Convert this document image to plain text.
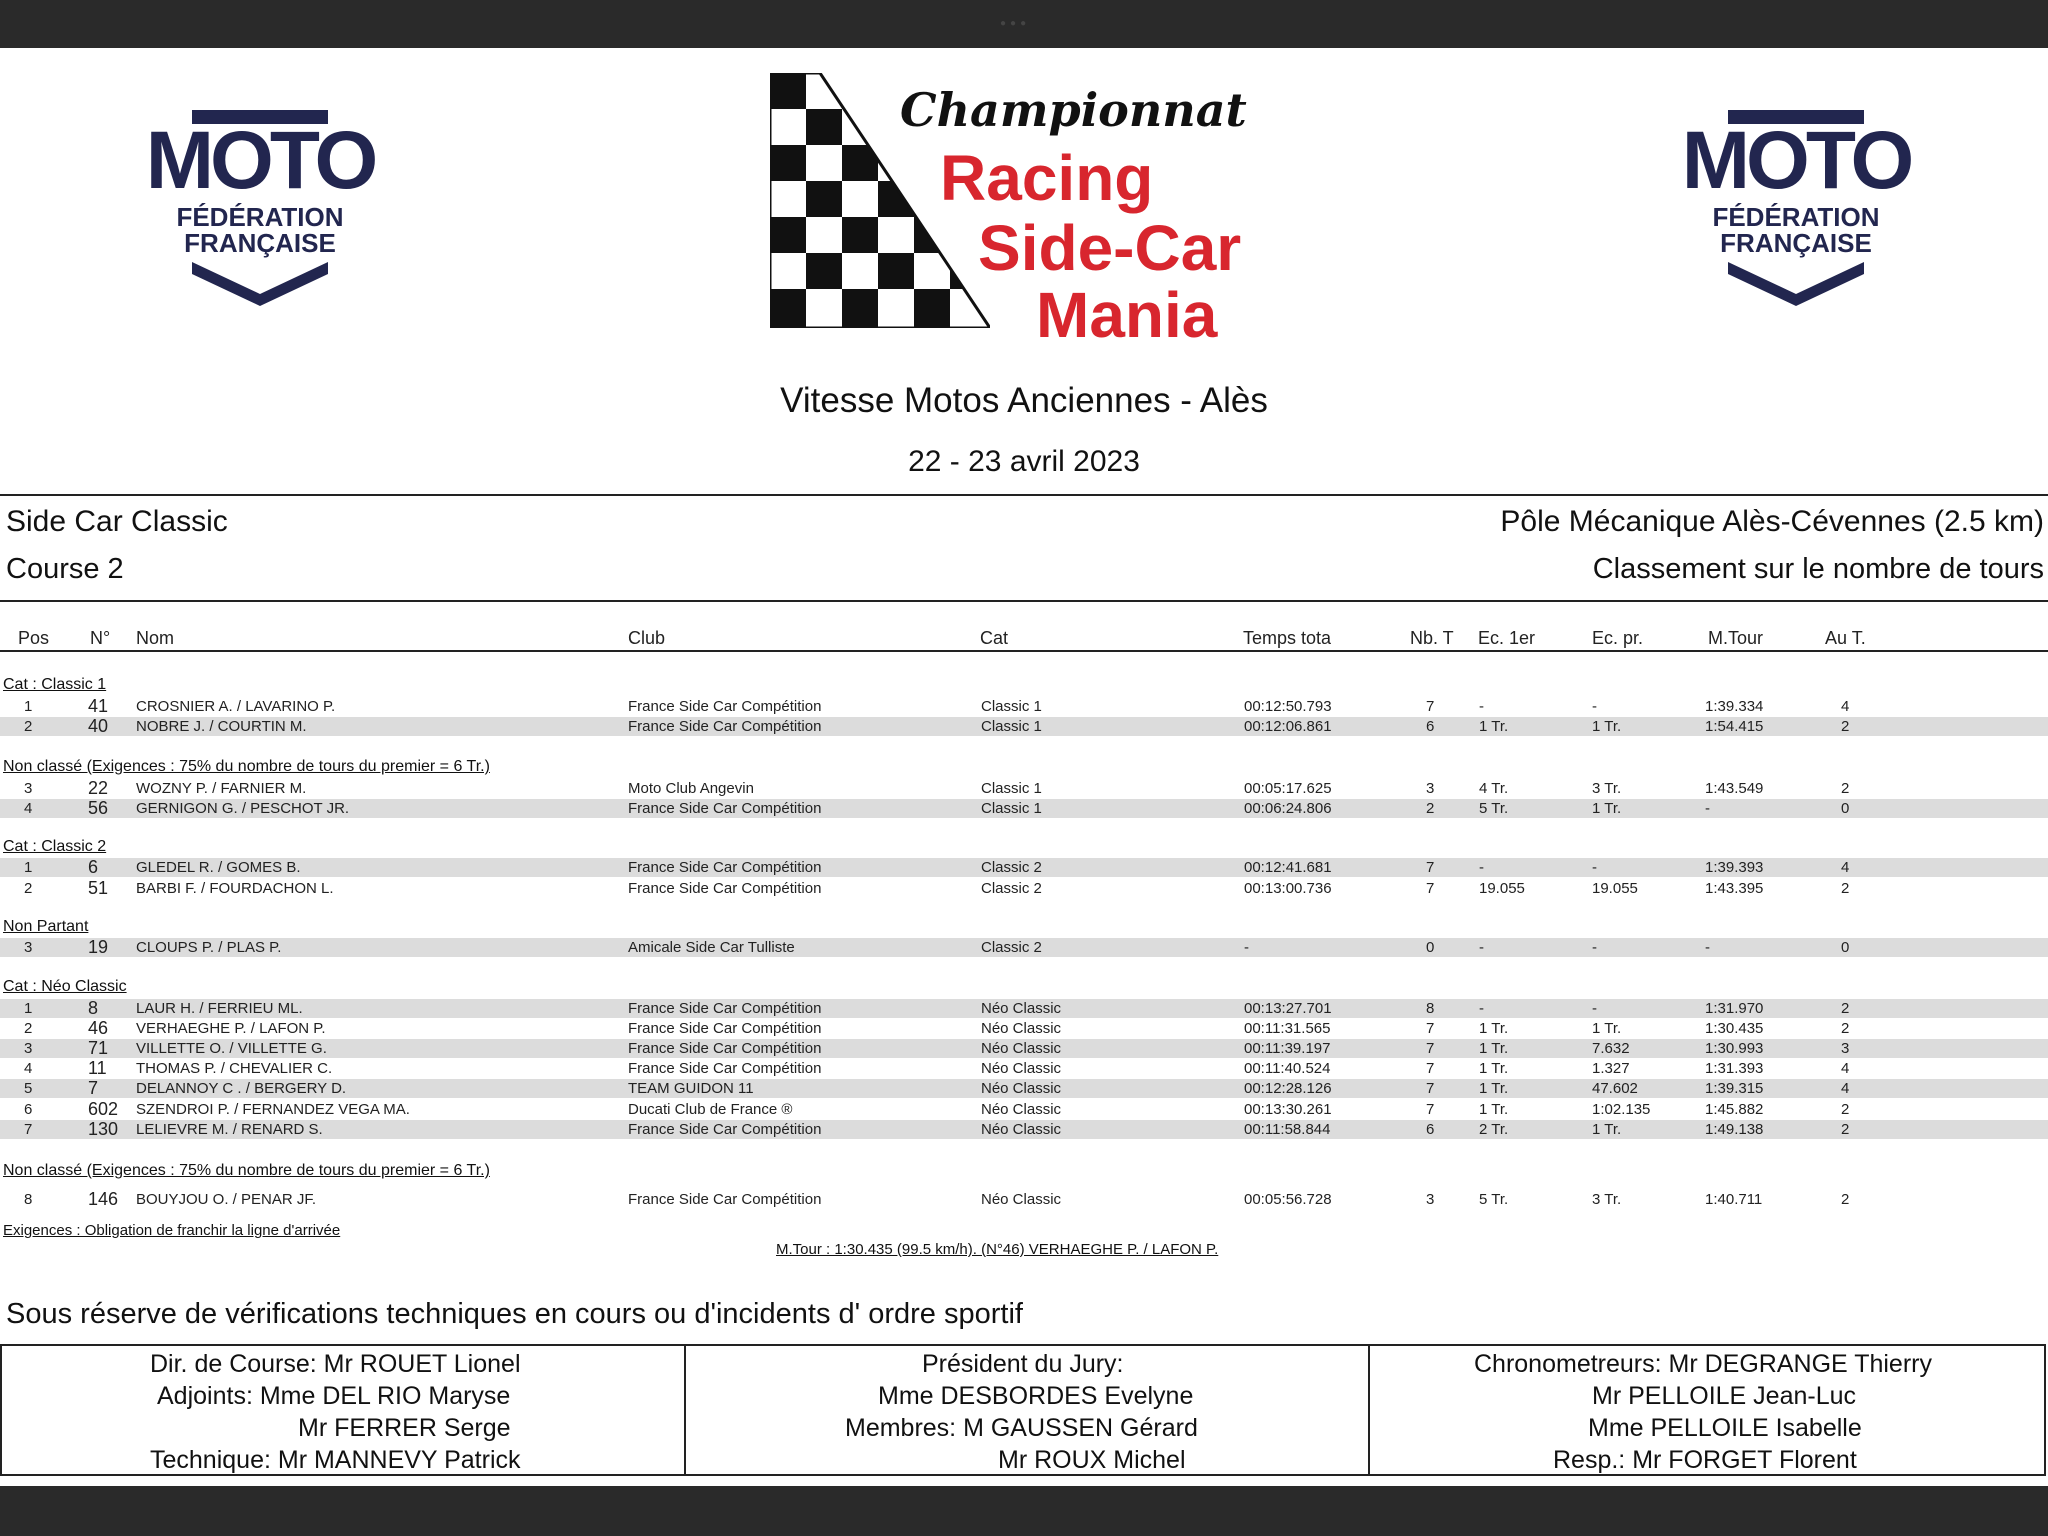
●●●
MOTO
FÉDÉRATION
FRANÇAISE
MOTO
FÉDÉRATION
FRANÇAISE
Championnat
Racing
Side-Car
Mania
Vitesse Motos Anciennes - Alès
22 - 23 avril 2023
Side Car Classic	Pôle Mécanique Alès-Cévennes (2.5 km)
Course 2	Classement sur le nombre de tours
Pos N° Nom	Club	Cat	Temps tota	Nb. T Ec. 1er	Ec. pr.	M.Tour	Au T.
Cat : Classic 1
Non classé (Exigences : 75% du nombre de tours du premier = 6 Tr.)
Cat : Classic 2
Non Partant
Cat : Néo Classic
Non classé (Exigences : 75% du nombre de tours du premier = 6 Tr.)
1	41 CROSNIER A. / LAVARINO P.	France Side Car Compétition	Classic 1	00:12:50.793	7	-	-	1:39.334	4
2	40 NOBRE J. / COURTIN M.	France Side Car Compétition	Classic 1	00:12:06.861	6	1 Tr.	1 Tr.	1:54.415	2
3	22 WOZNY P. / FARNIER M.	Moto Club Angevin	Classic 1	00:05:17.625	3	4 Tr.	3 Tr.	1:43.549	2
4	56 GERNIGON G. / PESCHOT JR.	France Side Car Compétition	Classic 1	00:06:24.806	2	5 Tr.	1 Tr.	-	0
1	6	GLEDEL R. / GOMES B.	France Side Car Compétition	Classic 2	00:12:41.681	7	-	-	1:39.393	4
2	51 BARBI F. / FOURDACHON L.	France Side Car Compétition	Classic 2	00:13:00.736	7	19.055	19.055	1:43.395	2
3	19 CLOUPS P. / PLAS P.	Amicale Side Car Tulliste	Classic 2	-	0	-	-	-	0
1	8	LAUR H. / FERRIEU ML.	France Side Car Compétition	Néo Classic	00:13:27.701	8	-	-	1:31.970	2
2	46 VERHAEGHE P. / LAFON P.	France Side Car Compétition	Néo Classic	00:11:31.565	7	1 Tr.	1 Tr.	1:30.435	2
3	71 VILLETTE O. / VILLETTE G.	France Side Car Compétition	Néo Classic	00:11:39.197	7	1 Tr.	7.632	1:30.993	3
4	11 THOMAS P. / CHEVALIER C.	France Side Car Compétition	Néo Classic	00:11:40.524	7	1 Tr.	1.327	1:31.393	4
5	7	DELANNOY C . / BERGERY D.	TEAM GUIDON 11	Néo Classic	00:12:28.126	7	1 Tr.	47.602	1:39.315	4
6	602 SZENDROI P. / FERNANDEZ VEGA MA.	Ducati Club de France ®	Néo Classic	00:13:30.261	7	1 Tr.	1:02.135	1:45.882	2
7	130 LELIEVRE M. / RENARD S.	France Side Car Compétition	Néo Classic	00:11:58.844	6	2 Tr.	1 Tr.	1:49.138	2
8	146 BOUYJOU O. / PENAR JF.	France Side Car Compétition	Néo Classic	00:05:56.728	3	5 Tr.	3 Tr.	1:40.711	2
Exigences : Obligation de franchir la ligne d'arrivée
M.Tour : 1:30.435 (99.5 km/h). (N°46) VERHAEGHE P. / LAFON P.
Sous réserve de vérifications techniques en cours ou d'incidents d' ordre sportif
Dir. de Course: Mr ROUET Lionel
Adjoints: Mme DEL RIO Maryse
Mr FERRER Serge
Technique: Mr MANNEVY Patrick
Président du Jury:
Mme DESBORDES Evelyne
Membres: M GAUSSEN Gérard
Mr ROUX Michel
Chronometreurs: Mr DEGRANGE Thierry
Mr PELLOILE Jean-Luc
Mme PELLOILE Isabelle
Resp.: Mr FORGET Florent
